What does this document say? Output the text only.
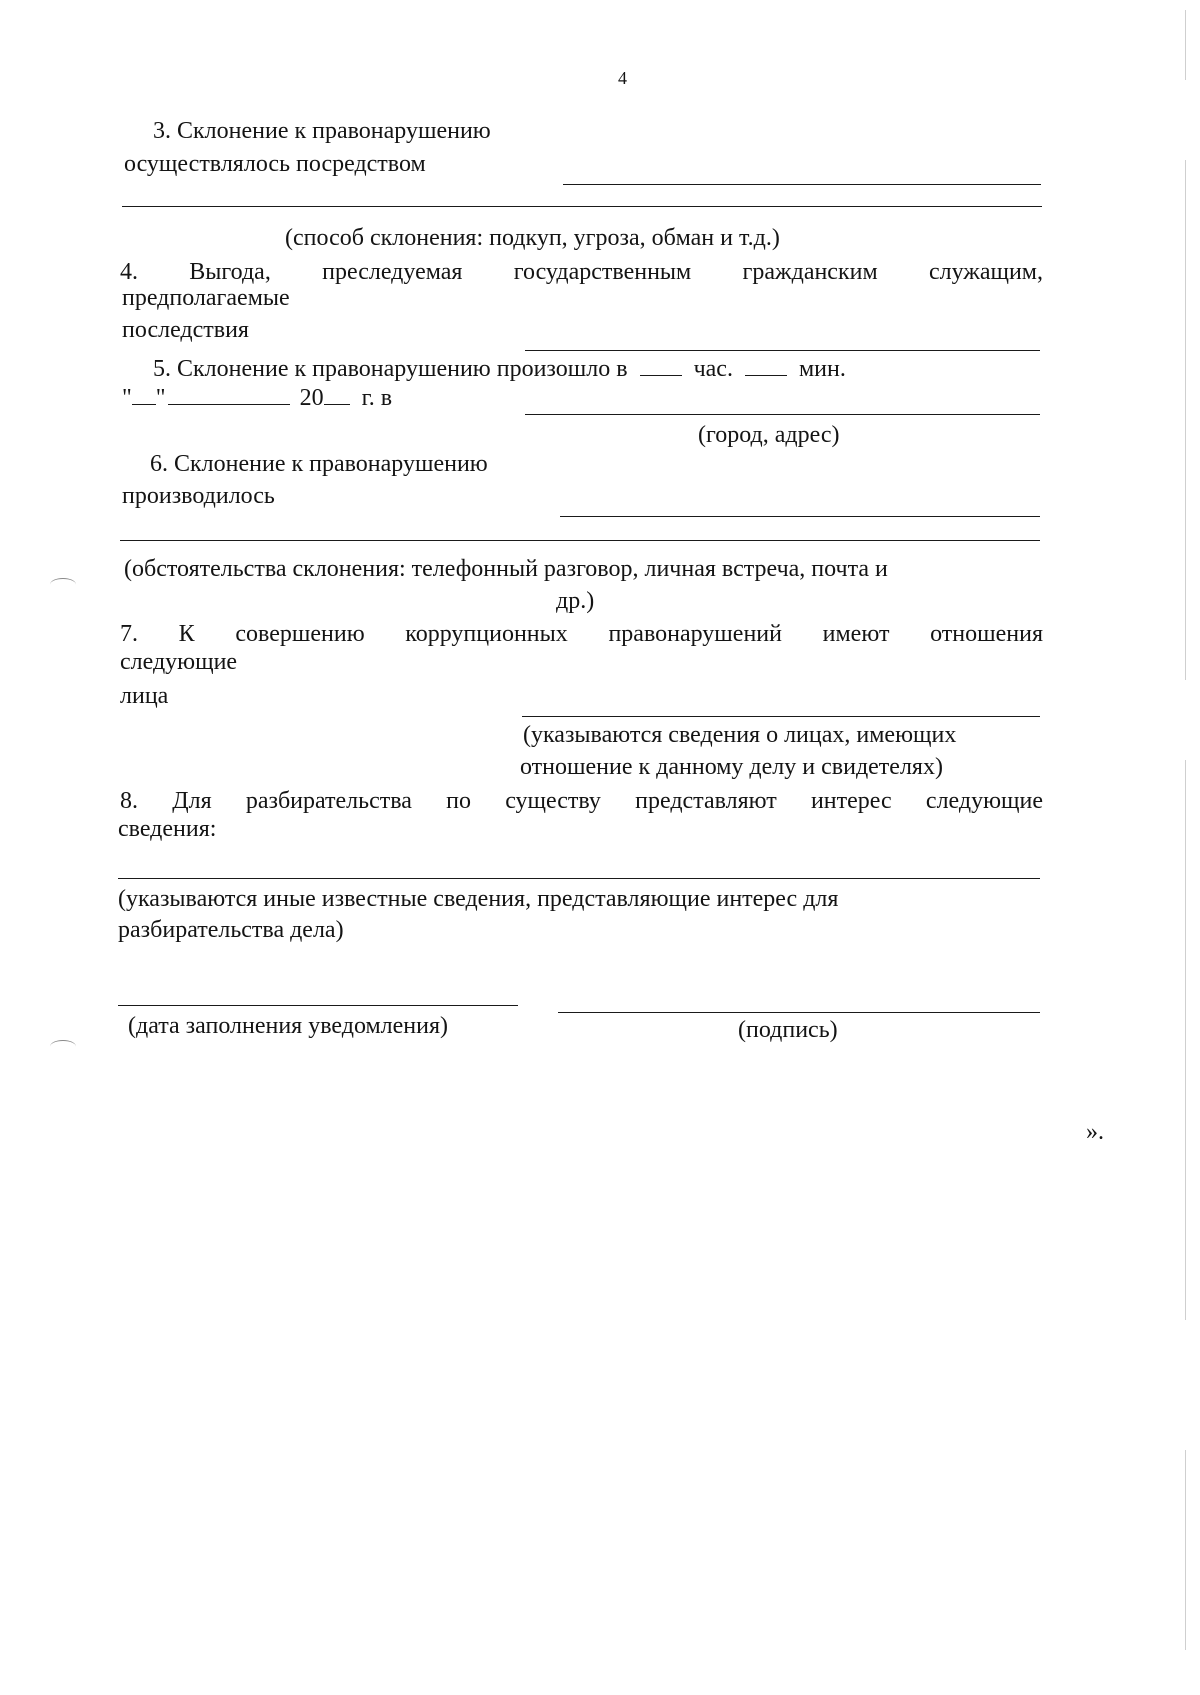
4
3. Склонение к правонарушению
осуществлялось посредством
(способ склонения: подкуп, угроза, обман и т.д.)
4. Выгода, преследуемая государственным гражданским служащим,
предполагаемые
последствия
5. Склонение к правонарушению произошло в	час.	мин.
" "	20 г. в
(город, адрес)
6. Склонение к правонарушению
производилось
(обстоятельства склонения: телефонный разговор, личная встреча, почта и
др.)
7. К совершению коррупционных правонарушений имеют отношения
следующие
лица
(указываются сведения о лицах, имеющих
отношение к данному делу и свидетелях)
8. Для разбирательства по существу представляют интерес следующие
сведения:
(указываются иные известные сведения, представляющие интерес для
разбирательства дела)
(дата заполнения уведомления)	(подпись)
».
